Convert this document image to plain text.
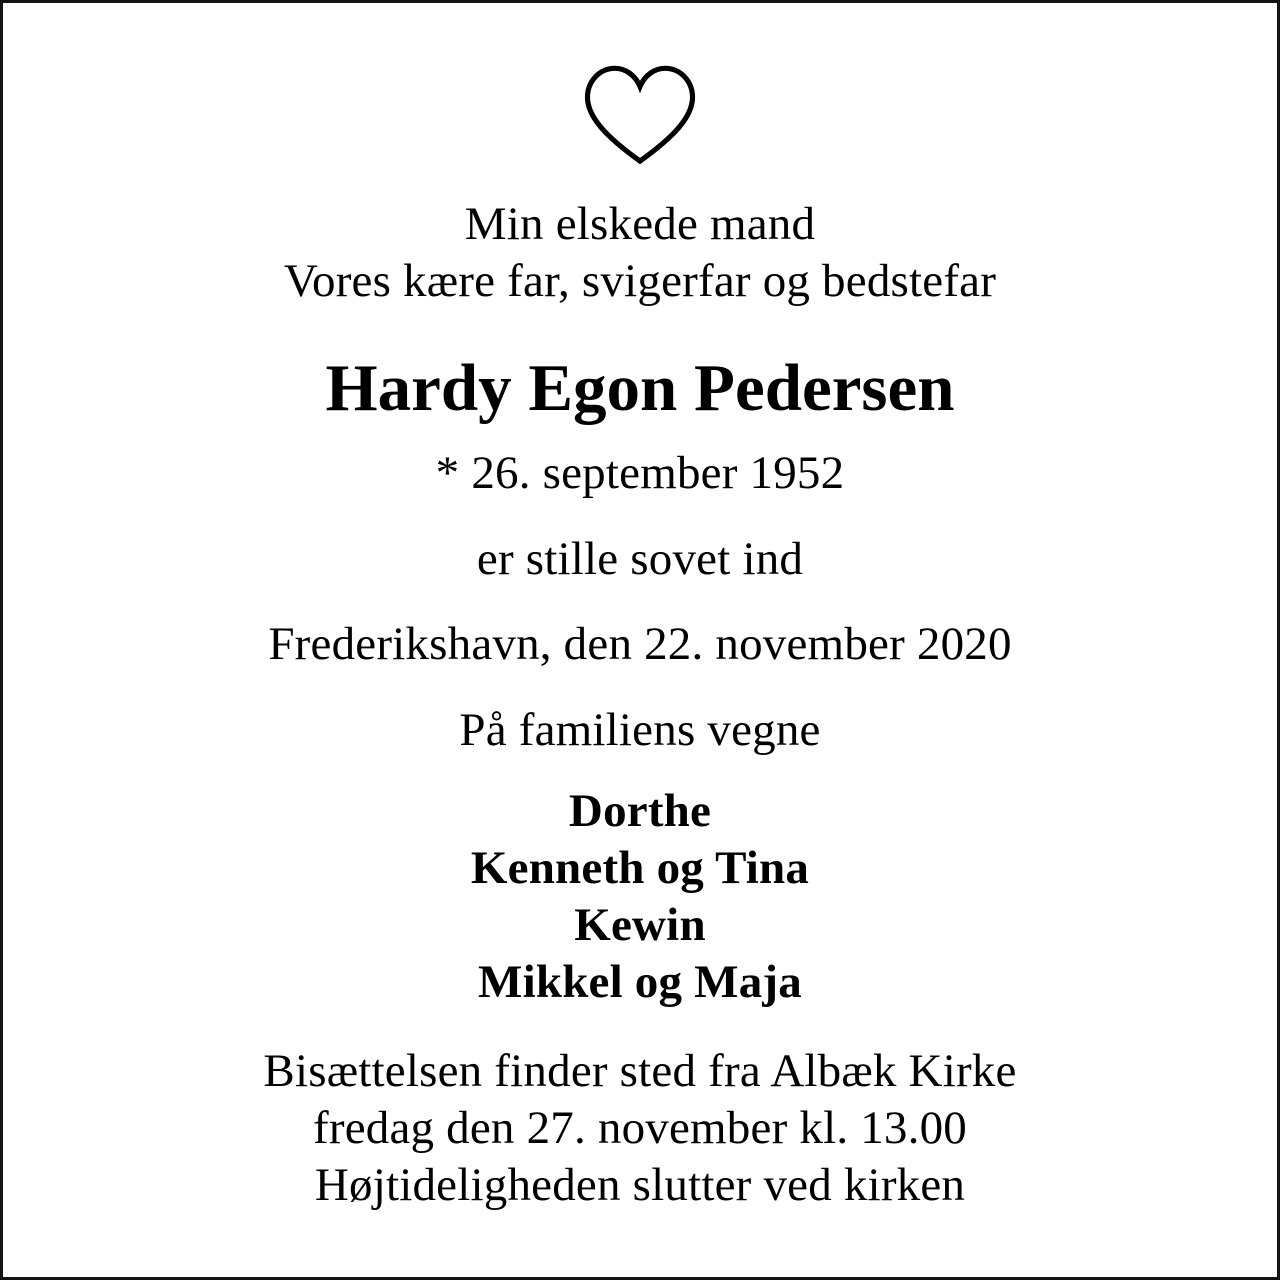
Min elskede mand

Vores kære far, svigerfar og bedstefar

Hardy Egon Pedersen

* 26. september 1952

er stille sovet ind

Frederikshavn, den 22. november 2020

På familiens vegne

Dorthe

Kenneth og Tina

Kewin

Mikkel og Maja

Bisættelsen finder sted fra Albæk Kirke

fredag den 27. november kl. 13.00

Højtideligheden slutter ved kirken
